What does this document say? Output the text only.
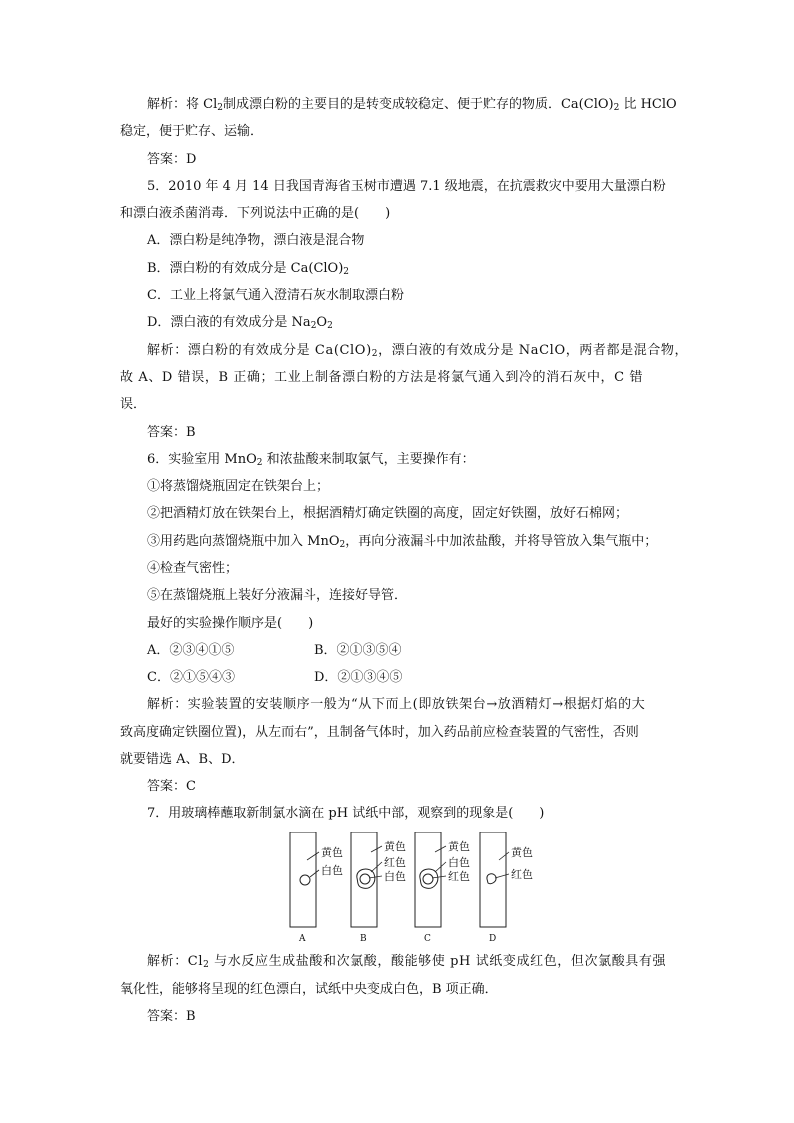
解析：将 $Cl_2$制成漂白粉的主要目的是转变成较稳定、便于贮存的物质．$Ca(ClO)_2$ 比 HClO
稳定，便于贮存、运输．
答案：D
5．2010 年 4 月 14 日我国青海省玉树市遭遇 7.1 级地震，在抗震救灾中要用大量漂白粉
和漂白液杀菌消毒．下列说法中正确的是(　　)
A．漂白粉是纯净物，漂白液是混合物
B．漂白粉的有效成分是 $Ca(ClO)_2$
C．工业上将氯气通入澄清石灰水制取漂白粉
D．漂白液的有效成分是 $Na_2O_2$
解析：漂白粉的有效成分是 $Ca(ClO)_2$，漂白液的有效成分是 NaClO，两者都是混合物，
故 A、D 错误，B 正确；工业上制备漂白粉的方法是将氯气通入到冷的消石灰中，C 错
误．
答案：B
6．实验室用 MnO$_2$ 和浓盐酸来制取氯气，主要操作有：
①将蒸馏烧瓶固定在铁架台上；
②把酒精灯放在铁架台上，根据酒精灯确定铁圈的高度，固定好铁圈，放好石棉网；
③用药匙向蒸馏烧瓶中加入 MnO$_2$，再向分液漏斗中加浓盐酸，并将导管放入集气瓶中；
④检查气密性；
⑤在蒸馏烧瓶上装好分液漏斗，连接好导管．
最好的实验操作顺序是(　　)
A．②③④①⑤	B．②①③⑤④
C．②①⑤④③	D．②①③④⑤
解析：实验装置的安装顺序一般为“从下而上(即放铁架台→放酒精灯→根据灯焰的大
致高度确定铁圈位置)，从左而右”，且制备气体时，加入药品前应检查装置的气密性，否则
就要错选 A、B、D．
答案：C
7．用玻璃棒蘸取新制氯水滴在 pH 试纸中部，观察到的现象是(　　)
黄色
白色
A
黄色
红色
白色
B
黄色
白色
红色
C
黄色
红色
D
解析：$Cl_2$ 与水反应生成盐酸和次氯酸，酸能够使 pH 试纸变成红色，但次氯酸具有强
氧化性，能够将呈现的红色漂白，试纸中央变成白色，B 项正确．
答案：B
